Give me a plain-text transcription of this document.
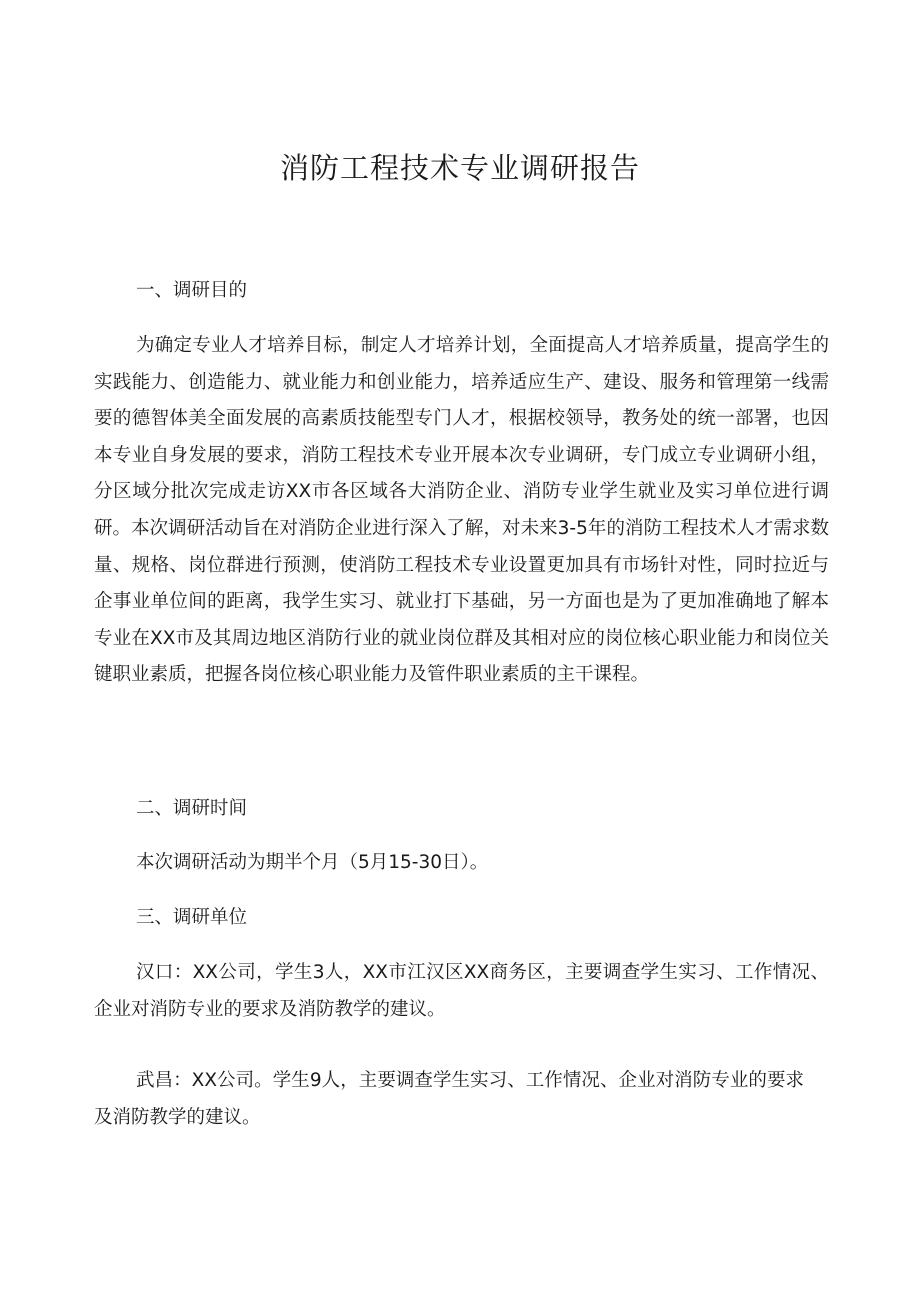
消防工程技术专业调研报告
一、调研目的

为确定专业人才培养目标，制定人才培养计划，全面提高人才培养质量，提高学生的实践能力、创造能力、就业能力和创业能力，培养适应生产、建设、服务和管理第一线需要的德智体美全面发展的高素质技能型专门人才，根据校领导，教务处的统一部署，也因本专业自身发展的要求，消防工程技术专业开展本次专业调研，专门成立专业调研小组，分区域分批次完成走访XX市各区域各大消防企业、消防专业学生就业及实习单位进行调研。本次调研活动旨在对消防企业进行深入了解，对未来3-5年的消防工程技术人才需求数量、规格、岗位群进行预测，使消防工程技术专业设置更加具有市场针对性，同时拉近与企事业单位间的距离，我学生实习、就业打下基础，另一方面也是为了更加准确地了解本专业在XX市及其周边地区消防行业的就业岗位群及其相对应的岗位核心职业能力和岗位关键职业素质，把握各岗位核心职业能力及管件职业素质的主干课程。

二、调研时间

本次调研活动为期半个月（5月15-30日）。

三、调研单位

汉口：XX公司，学生3人，XX市江汉区XX商务区，主要调查学生实习、工作情况、企业对消防专业的要求及消防教学的建议。

武昌：XX公司。学生9人，主要调查学生实习、工作情况、企业对消防专业的要求及消防教学的建议。
